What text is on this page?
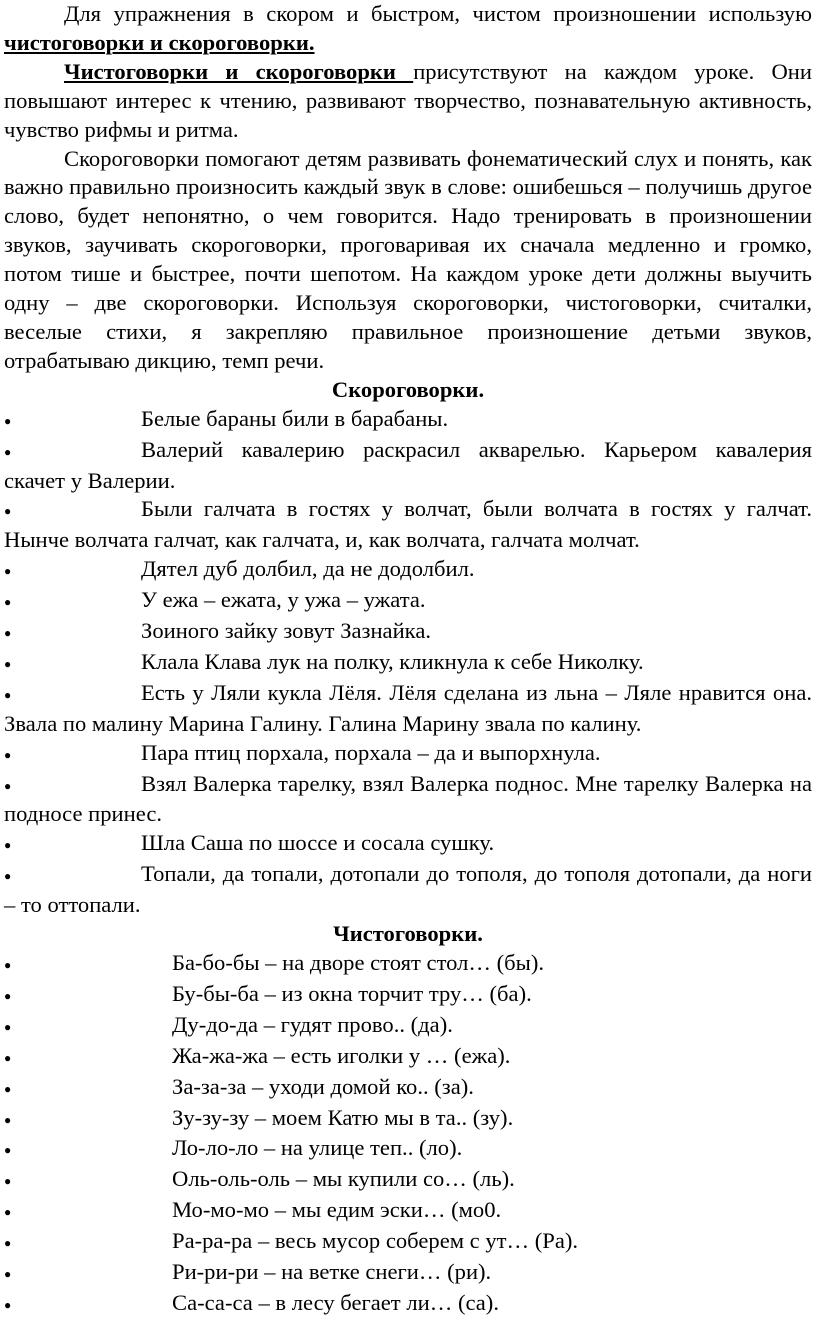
Для упражнения в скором и быстром, чистом произношении использую чистоговорки и скороговорки.

Чистоговорки и скороговорки присутствуют на каждом уроке. Они повышают интерес к чтению, развивают творчество, познавательную активность, чувство рифмы и ритма.

Скороговорки помогают детям развивать фонематический слух и понять, как важно правильно произносить каждый звук в слове: ошибешься – получишь другое слово, будет непонятно, о чем говорится. Надо тренировать в произношении звуков, заучивать скороговорки, проговаривая их сначала медленно и громко, потом тише и быстрее, почти шепотом. На каждом уроке дети должны выучить одну – две скороговорки. Используя скороговорки, чистоговорки, считалки, веселые стихи, я закрепляю правильное произношение детьми звуков, отрабатываю дикцию, темп речи.

Скороговорки.

●	Белые бараны били в барабаны.

●	Валерий кавалерию раскрасил акварелью. Карьером кавалерия скачет у Валерии.

●	Были галчата в гостях у волчат, были волчата в гостях у галчат. Нынче волчата галчат, как галчата, и, как волчата, галчата молчат.

●	Дятел дуб долбил, да не додолбил.

●	У ежа – ежата, у ужа – ужата.

●	Зоиного зайку зовут Зазнайка.

●	Клала Клава лук на полку, кликнула к себе Николку.

●	Есть у Ляли кукла Лёля. Лёля сделана из льна – Ляле нравится она. Звала по малину Марина Галину. Галина Марину звала по калину.

●	Пара птиц порхала, порхала – да и выпорхнула.

●	Взял Валерка тарелку, взял Валерка поднос. Мне тарелку Валерка на подносе принес.

●	Шла Саша по шоссе и сосала сушку.

●	Топали, да топали, дотопали до тополя, до тополя дотопали, да ноги – то оттопали.

Чистоговорки.

●	Ба-бо-бы – на дворе стоят стол… (бы).

●	Бу-бы-ба – из окна торчит тру… (ба).

●	Ду-до-да – гудят прово.. (да).

●	Жа-жа-жа – есть иголки у … (ежа).

●	За-за-за – уходи домой ко.. (за).

●	Зу-зу-зу – моем Катю мы в та.. (зу).

●	Ло-ло-ло – на улице теп.. (ло).

●	Оль-оль-оль – мы купили со… (ль).

●	Мо-мо-мо – мы едим эски… (мо0.

●	Ра-ра-ра – весь мусор соберем с ут… (Ра).

●	Ри-ри-ри – на ветке снеги… (ри).

●	Са-са-са – в лесу бегает ли… (са).
